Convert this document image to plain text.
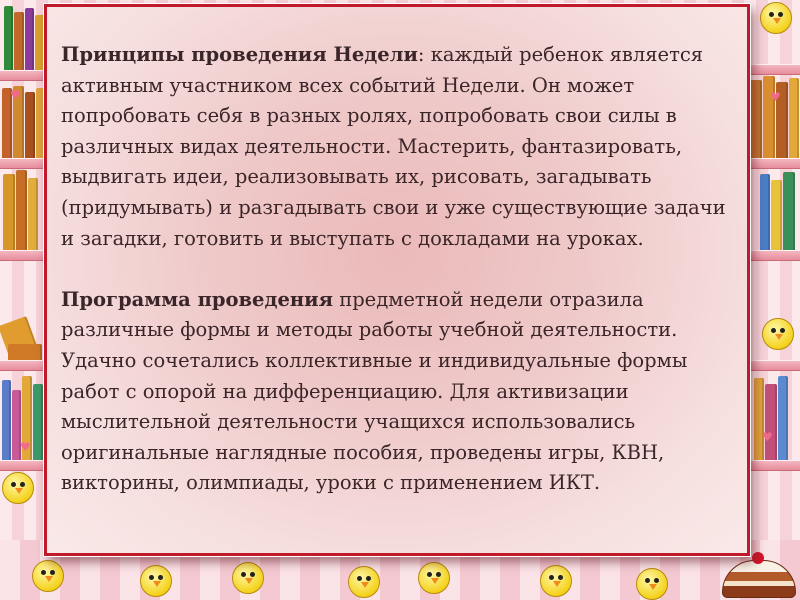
♥	♥
♥
♥

Принципы проведения Недели: каждый ребенок является активным участником всех событий Недели. Он может попробовать себя в разных ролях, попробовать свои силы в различных видах деятельности. Мастерить, фантазировать, выдвигать идеи, реализовывать их, рисовать, загадывать (придумывать) и разгадывать свои и уже существующие задачи и загадки, готовить и выступать с докладами на уроках.

Программа проведения предметной недели отразила различные формы и методы работы учебной деятельности. Удачно сочетались коллективные и индивидуальные формы работ с опорой на дифференциацию. Для активизации мыслительной деятельности учащихся использовались оригинальные наглядные пособия, проведены игры, КВН, викторины, олимпиады, уроки с применением ИКТ.
